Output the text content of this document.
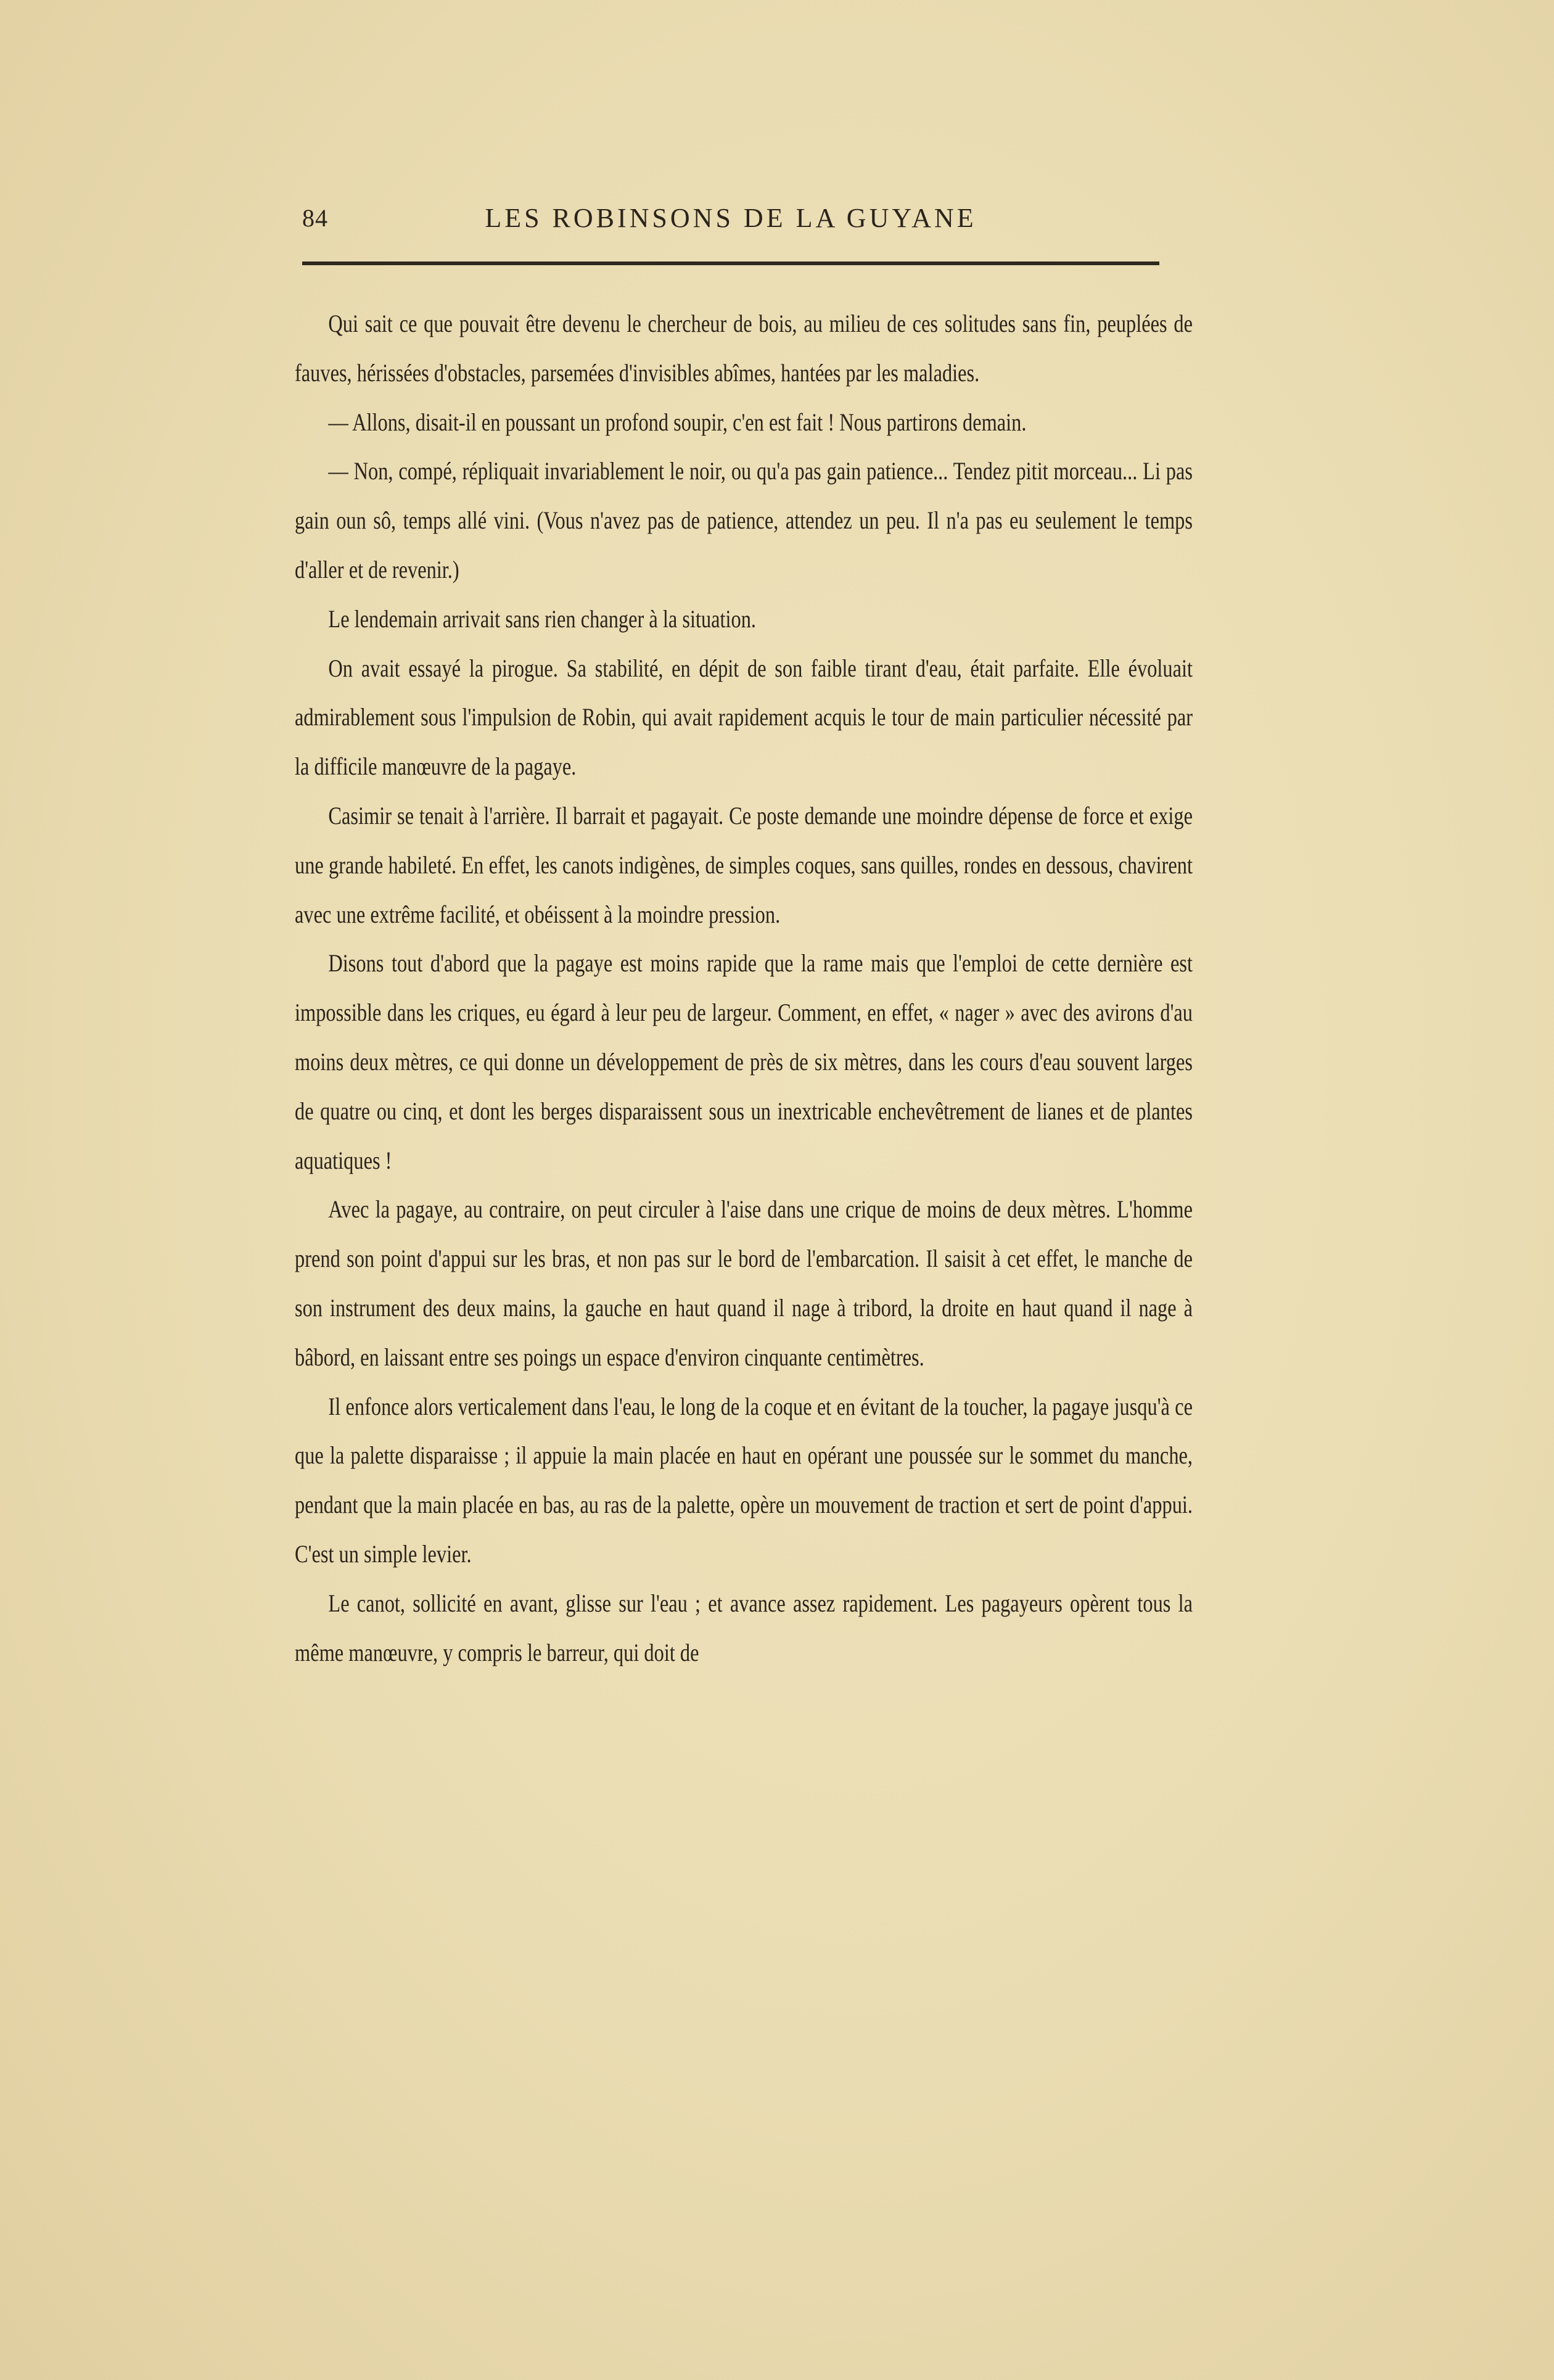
84	LES ROBINSONS DE LA GUYANE

Qui sait ce que pouvait être devenu le chercheur de bois, au milieu de ces solitudes sans fin, peuplées de fauves, hérissées d'obstacles, parsemées d'invisibles abîmes, hantées par les maladies.

— Allons, disait-il en poussant un profond soupir, c'en est fait ! Nous partirons demain.

— Non, compé, répliquait invariablement le noir, ou qu'a pas gain patience... Tendez pitit morceau... Li pas gain oun sô, temps allé vini. (Vous n'avez pas de patience, attendez un peu. Il n'a pas eu seulement le temps d'aller et de revenir.)

Le lendemain arrivait sans rien changer à la situation.

On avait essayé la pirogue. Sa stabilité, en dépit de son faible tirant d'eau, était parfaite. Elle évoluait admirablement sous l'impulsion de Robin, qui avait rapidement acquis le tour de main particulier nécessité par la difficile manœuvre de la pagaye.

Casimir se tenait à l'arrière. Il barrait et pagayait. Ce poste demande une moindre dépense de force et exige une grande habileté. En effet, les canots indigènes, de simples coques, sans quilles, rondes en dessous, chavirent avec une extrême facilité, et obéissent à la moindre pression.

Disons tout d'abord que la pagaye est moins rapide que la rame mais que l'emploi de cette dernière est impossible dans les criques, eu égard à leur peu de largeur. Comment, en effet, « nager » avec des avirons d'au moins deux mètres, ce qui donne un développement de près de six mètres, dans les cours d'eau souvent larges de quatre ou cinq, et dont les berges disparaissent sous un inextricable enchevêtrement de lianes et de plantes aquatiques !

Avec la pagaye, au contraire, on peut circuler à l'aise dans une crique de moins de deux mètres. L'homme prend son point d'appui sur les bras, et non pas sur le bord de l'embarcation. Il saisit à cet effet, le manche de son instrument des deux mains, la gauche en haut quand il nage à tribord, la droite en haut quand il nage à bâbord, en laissant entre ses poings un espace d'environ cinquante centimètres.

Il enfonce alors verticalement dans l'eau, le long de la coque et en évitant de la toucher, la pagaye jusqu'à ce que la palette disparaisse ; il appuie la main placée en haut en opérant une poussée sur le sommet du manche, pendant que la main placée en bas, au ras de la palette, opère un mouvement de traction et sert de point d'appui. C'est un simple levier.

Le canot, sollicité en avant, glisse sur l'eau ; et avance assez rapidement. Les pagayeurs opèrent tous la même manœuvre, y compris le barreur, qui doit de
